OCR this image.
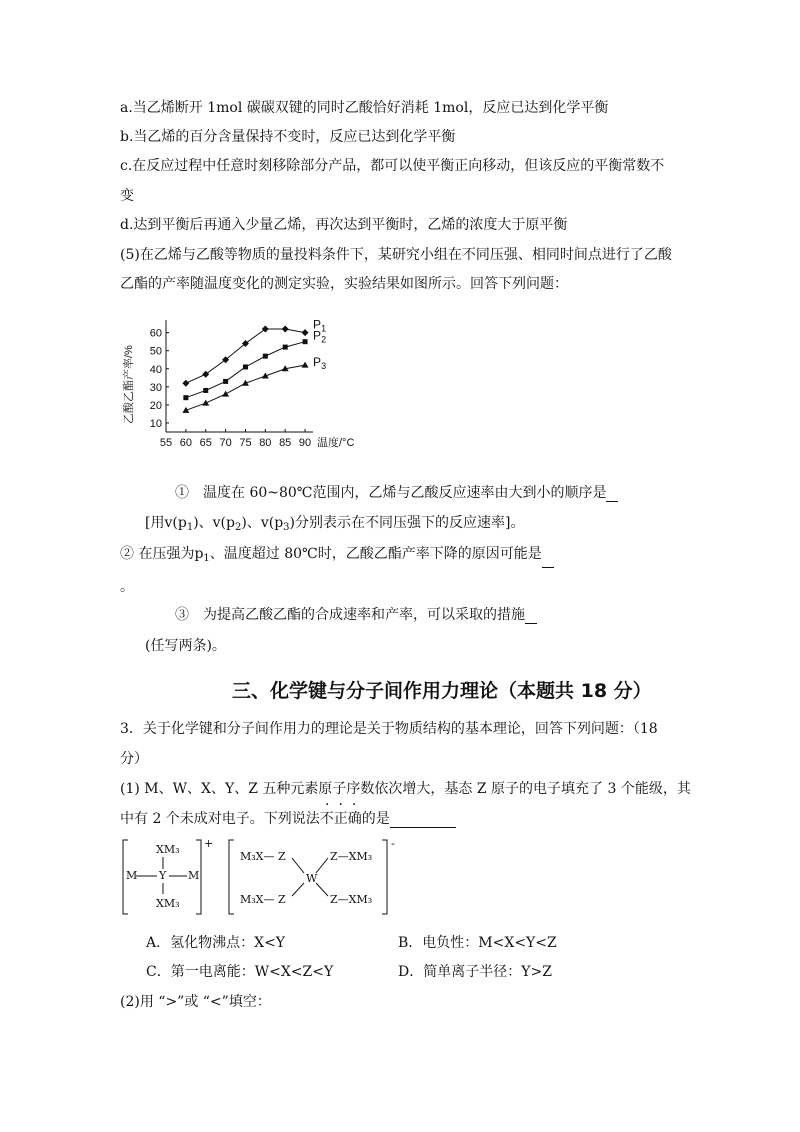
a.当乙烯断开 1mol 碳碳双键的同时乙酸恰好消耗 1mol，反应已达到化学平衡
b.当乙烯的百分含量保持不变时，反应已达到化学平衡
c.在反应过程中任意时刻移除部分产品，都可以使平衡正向移动，但该反应的平衡常数不
变
d.达到平衡后再通入少量乙烯，再次达到平衡时，乙烯的浓度大于原平衡
(5)在乙烯与乙酸等物质的量投料条件下，某研究小组在不同压强、相同时间点进行了乙酸
乙酯的产率随温度变化的测定实验，实验结果如图所示。回答下列问题：
55 60 65 70 75 80 85 90
10
20
30
40
50
60
温度/°C
乙酸乙酯产率/%
$P_1$
$P_2$
$P_3$
①　温度在 60~80℃范围内，乙烯与乙酸反应速率由大到小的顺序是
[用$v(p_1)$、$v(p_2)$、$v(p_3)$分别表示在不同压强下的反应速率]。
② 在压强为$p_1$、温度超过 80℃时，乙酸乙酯产率下降的原因可能是
。
③　为提高乙酸乙酯的合成速率和产率，可以采取的措施
(任写两条)。
三、化学键与分子间作用力理论（本题共 18 分）
3．关于化学键和分子间作用力的理论是关于物质结构的基本理论，回答下列问题：（18
分）
(1) M、W、X、Y、Z 五种元素原子序数依次增大，基态 Z 原子的电子填充了 3 个能级，其
·​·​·
中有 2 个未成对电子。下列说法不正确的是
XM₃
M Y M
XM₃
+
M₃X— Z	Z—XM₃
W
M₃X— Z	Z—XM₃
-
A．氢化物沸点：X<Y	B．电负性：M<X<Y<Z
C．第一电离能：W<X<Z<Y	D．简单离子半径：Y>Z
(2)用 “>”或 “<”填空：
